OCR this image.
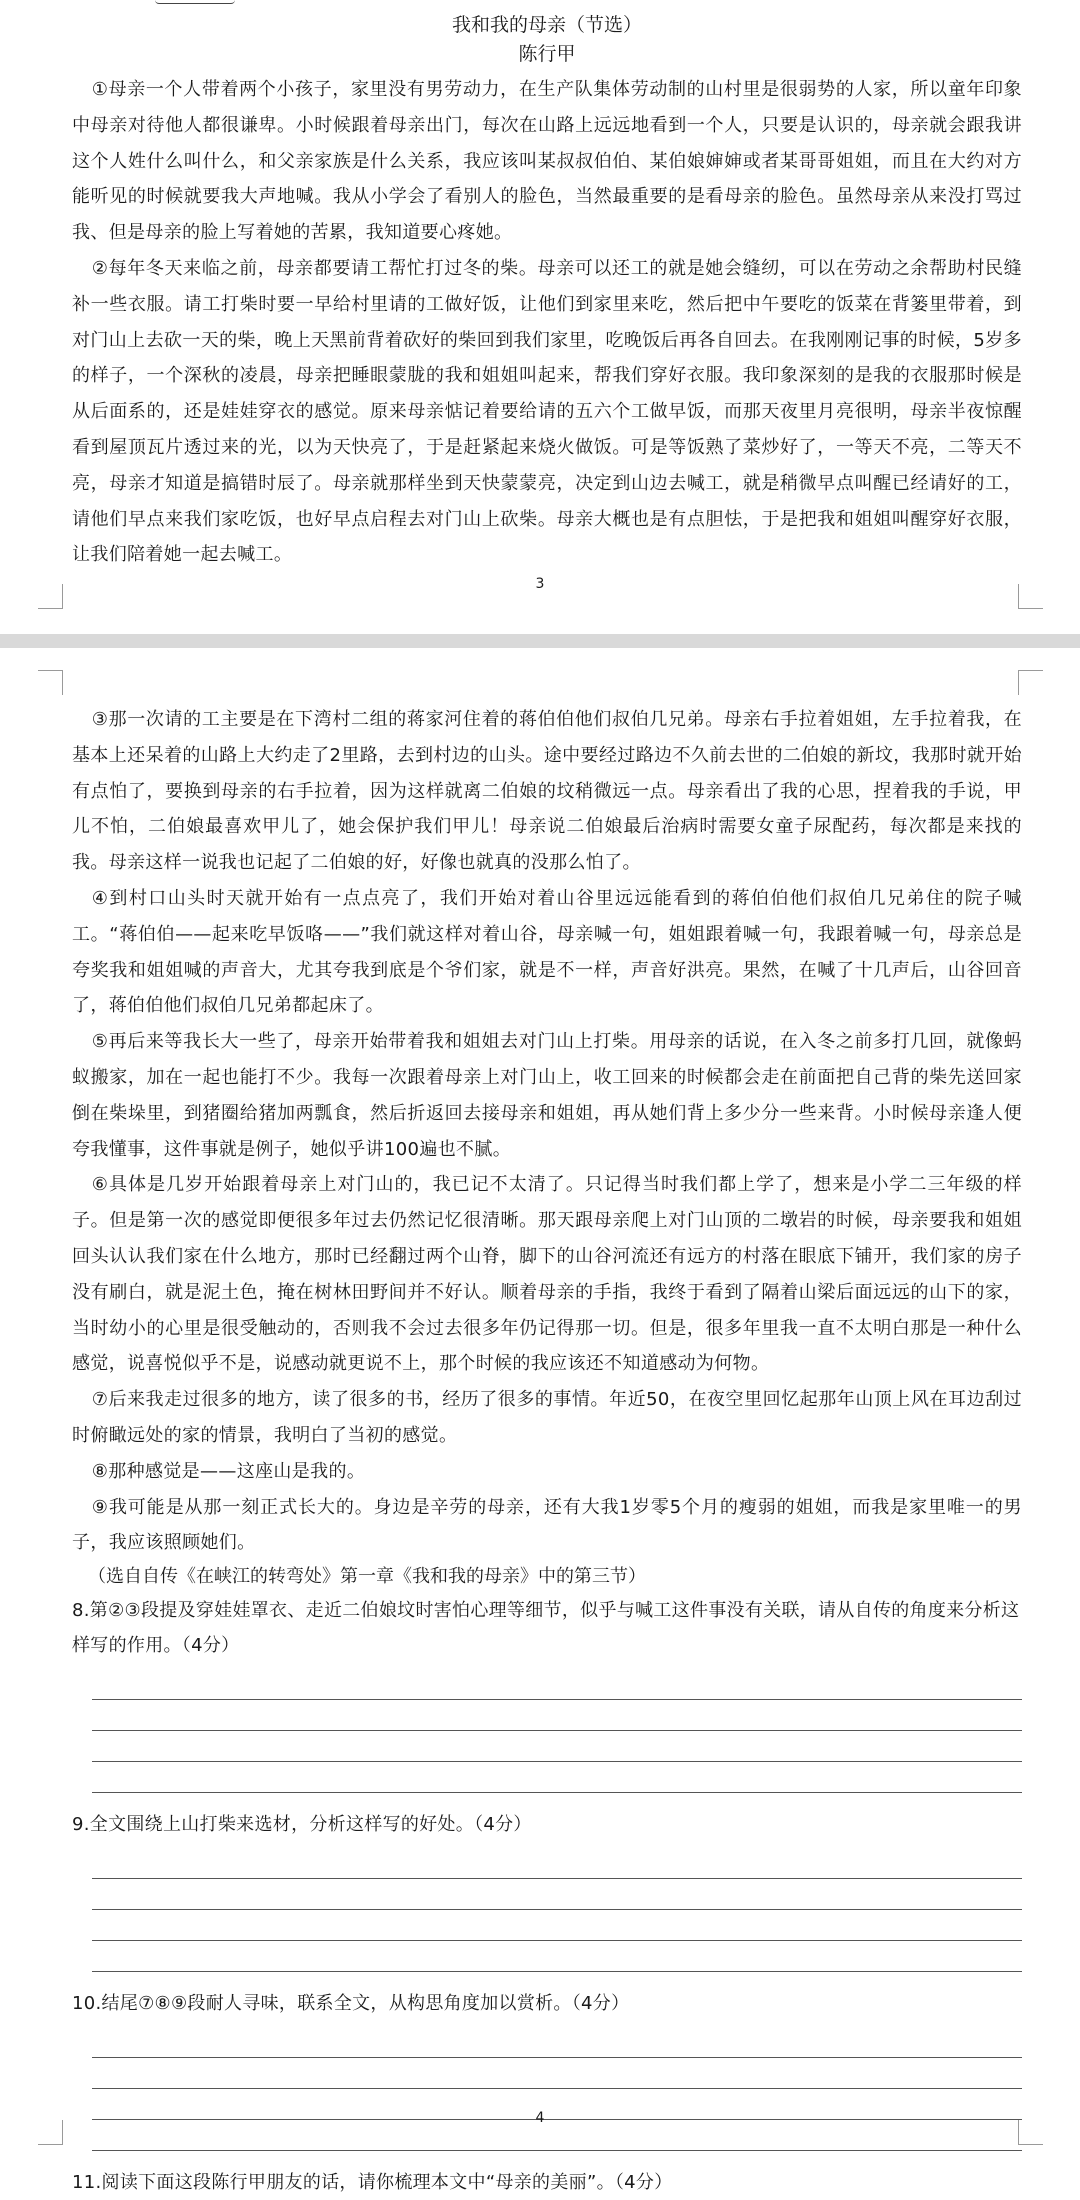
我和我的母亲（节选）

陈行甲

①母亲一个人带着两个小孩子，家里没有男劳动力，在生产队集体劳动制的山村里是很弱势的人家，所以童年印象中母亲对待他人都很谦卑。小时候跟着母亲出门，每次在山路上远远地看到一个人，只要是认识的，母亲就会跟我讲这个人姓什么叫什么，和父亲家族是什么关系，我应该叫某叔叔伯伯、某伯娘婶婶或者某哥哥姐姐，而且在大约对方能听见的时候就要我大声地喊。我从小学会了看别人的脸色，当然最重要的是看母亲的脸色。虽然母亲从来没打骂过我、但是母亲的脸上写着她的苦累，我知道要心疼她。

②每年冬天来临之前，母亲都要请工帮忙打过冬的柴。母亲可以还工的就是她会缝纫，可以在劳动之余帮助村民缝补一些衣服。请工打柴时要一早给村里请的工做好饭，让他们到家里来吃，然后把中午要吃的饭菜在背篓里带着，到对门山上去砍一天的柴，晚上天黑前背着砍好的柴回到我们家里，吃晚饭后再各自回去。在我刚刚记事的时候，5岁多的样子，一个深秋的凌晨，母亲把睡眼蒙胧的我和姐姐叫起来，帮我们穿好衣服。我印象深刻的是我的衣服那时候是从后面系的，还是娃娃穿衣的感觉。原来母亲惦记着要给请的五六个工做早饭，而那天夜里月亮很明，母亲半夜惊醒看到屋顶瓦片透过来的光，以为天快亮了，于是赶紧起来烧火做饭。可是等饭熟了菜炒好了，一等天不亮，二等天不亮，母亲才知道是搞错时辰了。母亲就那样坐到天快蒙蒙亮，决定到山边去喊工，就是稍微早点叫醒已经请好的工，请他们早点来我们家吃饭，也好早点启程去对门山上砍柴。母亲大概也是有点胆怯，于是把我和姐姐叫醒穿好衣服，让我们陪着她一起去喊工。

3

③那一次请的工主要是在下湾村二组的蒋家河住着的蒋伯伯他们叔伯几兄弟。母亲右手拉着姐姐，左手拉着我，在基本上还呆着的山路上大约走了2里路，去到村边的山头。途中要经过路边不久前去世的二伯娘的新坟，我那时就开始有点怕了，要换到母亲的右手拉着，因为这样就离二伯娘的坟稍微远一点。母亲看出了我的心思，捏着我的手说，甲儿不怕，二伯娘最喜欢甲儿了，她会保护我们甲儿！母亲说二伯娘最后治病时需要女童子尿配药，每次都是来找的我。母亲这样一说我也记起了二伯娘的好，好像也就真的没那么怕了。

④到村口山头时天就开始有一点点亮了，我们开始对着山谷里远远能看到的蒋伯伯他们叔伯几兄弟住的院子喊工。“蒋伯伯——起来吃早饭咯——”我们就这样对着山谷，母亲喊一句，姐姐跟着喊一句，我跟着喊一句，母亲总是夸奖我和姐姐喊的声音大，尤其夸我到底是个爷们家，就是不一样，声音好洪亮。果然，在喊了十几声后，山谷回音了，蒋伯伯他们叔伯几兄弟都起床了。

⑤再后来等我长大一些了，母亲开始带着我和姐姐去对门山上打柴。用母亲的话说，在入冬之前多打几回，就像蚂蚁搬家，加在一起也能打不少。我每一次跟着母亲上对门山上，收工回来的时候都会走在前面把自己背的柴先送回家倒在柴垛里，到猪圈给猪加两瓢食，然后折返回去接母亲和姐姐，再从她们背上多少分一些来背。小时候母亲逢人便夸我懂事，这件事就是例子，她似乎讲100遍也不腻。

⑥具体是几岁开始跟着母亲上对门山的，我已记不太清了。只记得当时我们都上学了，想来是小学二三年级的样子。但是第一次的感觉即便很多年过去仍然记忆很清晰。那天跟母亲爬上对门山顶的二墩岩的时候，母亲要我和姐姐回头认认我们家在什么地方，那时已经翻过两个山脊，脚下的山谷河流还有远方的村落在眼底下铺开，我们家的房子没有刷白，就是泥土色，掩在树林田野间并不好认。顺着母亲的手指，我终于看到了隔着山梁后面远远的山下的家，当时幼小的心里是很受触动的，否则我不会过去很多年仍记得那一切。但是，很多年里我一直不太明白那是一种什么感觉，说喜悦似乎不是，说感动就更说不上，那个时候的我应该还不知道感动为何物。

⑦后来我走过很多的地方，读了很多的书，经历了很多的事情。年近50，在夜空里回忆起那年山顶上风在耳边刮过时俯瞰远处的家的情景，我明白了当初的感觉。

⑧那种感觉是——这座山是我的。

⑨我可能是从那一刻正式长大的。身边是辛劳的母亲，还有大我1岁零5个月的瘦弱的姐姐，而我是家里唯一的男子，我应该照顾她们。

（选自自传《在峡江的转弯处》第一章《我和我的母亲》中的第三节）

8.第②③段提及穿娃娃罩衣、走近二伯娘坟时害怕心理等细节，似乎与喊工这件事没有关联，请从自传的角度来分析这样写的作用。（4分）

9.全文围绕上山打柴来选材，分析这样写的好处。（4分）

10.结尾⑦⑧⑨段耐人寻味，联系全文，从构思角度加以赏析。（4分）

11.阅读下面这段陈行甲朋友的话，请你梳理本文中“母亲的美丽”。（4分）

4
